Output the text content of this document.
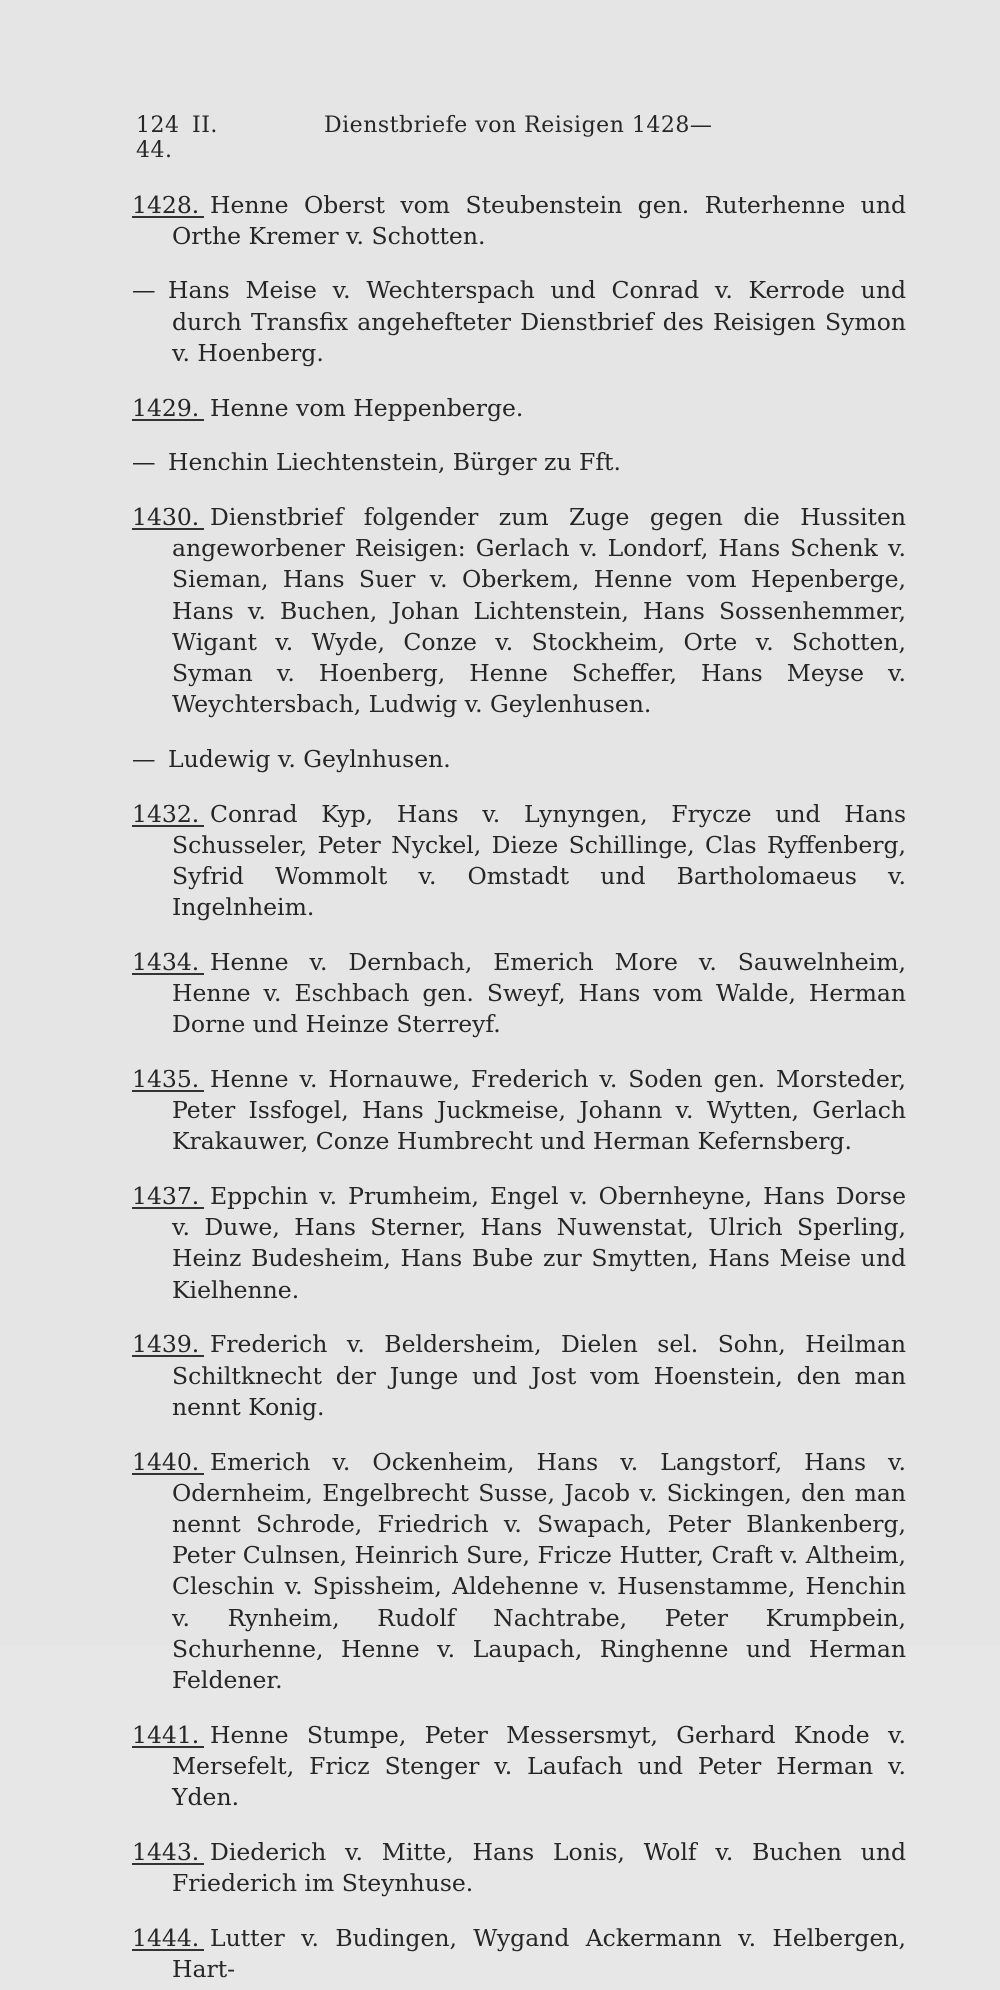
124 II.	Dienstbriefe von Reisigen 1428—44.

1428. Henne Oberst vom Steubenstein gen. Ruterhenne und Orthe Kremer v. Schotten.

— Hans Meise v. Wechterspach und Conrad v. Kerrode und durch Transfix angehefteter Dienstbrief des Reisigen Symon v. Hoenberg.

1429. Henne vom Heppenberge.

— Henchin Liechtenstein, Bürger zu Fft.

1430. Dienstbrief folgender zum Zuge gegen die Hussiten angeworbener Reisigen: Gerlach v. Londorf, Hans Schenk v. Sieman, Hans Suer v. Oberkem, Henne vom Hepenberge, Hans v. Buchen, Johan Lichtenstein, Hans Sossenhemmer, Wigant v. Wyde, Conze v. Stockheim, Orte v. Schotten, Syman v. Hoenberg, Henne Scheffer, Hans Meyse v. Weychtersbach, Ludwig v. Geylenhusen.

— Ludewig v. Geylnhusen.

1432. Conrad Kyp, Hans v. Lynyngen, Frycze und Hans Schusseler, Peter Nyckel, Dieze Schillinge, Clas Ryffenberg, Syfrid Wommolt v. Omstadt und Bartholomaeus v. Ingelnheim.

1434. Henne v. Dernbach, Emerich More v. Sauwelnheim, Henne v. Eschbach gen. Sweyf, Hans vom Walde, Herman Dorne und Heinze Sterreyf.

1435. Henne v. Hornauwe, Frederich v. Soden gen. Morsteder, Peter Issfogel, Hans Juckmeise, Johann v. Wytten, Gerlach Krakauwer, Conze Humbrecht und Herman Kefernsberg.

1437. Eppchin v. Prumheim, Engel v. Obernheyne, Hans Dorse v. Duwe, Hans Sterner, Hans Nuwenstat, Ulrich Sperling, Heinz Budesheim, Hans Bube zur Smytten, Hans Meise und Kielhenne.

1439. Frederich v. Beldersheim, Dielen sel. Sohn, Heilman Schiltknecht der Junge und Jost vom Hoenstein, den man nennt Konig.

1440. Emerich v. Ockenheim, Hans v. Langstorf, Hans v. Odernheim, Engelbrecht Susse, Jacob v. Sickingen, den man nennt Schrode, Friedrich v. Swapach, Peter Blankenberg, Peter Culnsen, Heinrich Sure, Fricze Hutter, Craft v. Altheim, Cleschin v. Spissheim, Aldehenne v. Husenstamme, Henchin v. Rynheim, Rudolf Nachtrabe, Peter Krumpbein, Schurhenne, Henne v. Laupach, Ringhenne und Herman Feldener.

1441. Henne Stumpe, Peter Messersmyt, Gerhard Knode v. Mersefelt, Fricz Stenger v. Laufach und Peter Herman v. Yden.

1443. Diederich v. Mitte, Hans Lonis, Wolf v. Buchen und Friederich im Steynhuse.

1444. Lutter v. Budingen, Wygand Ackermann v. Helbergen, Hart-
